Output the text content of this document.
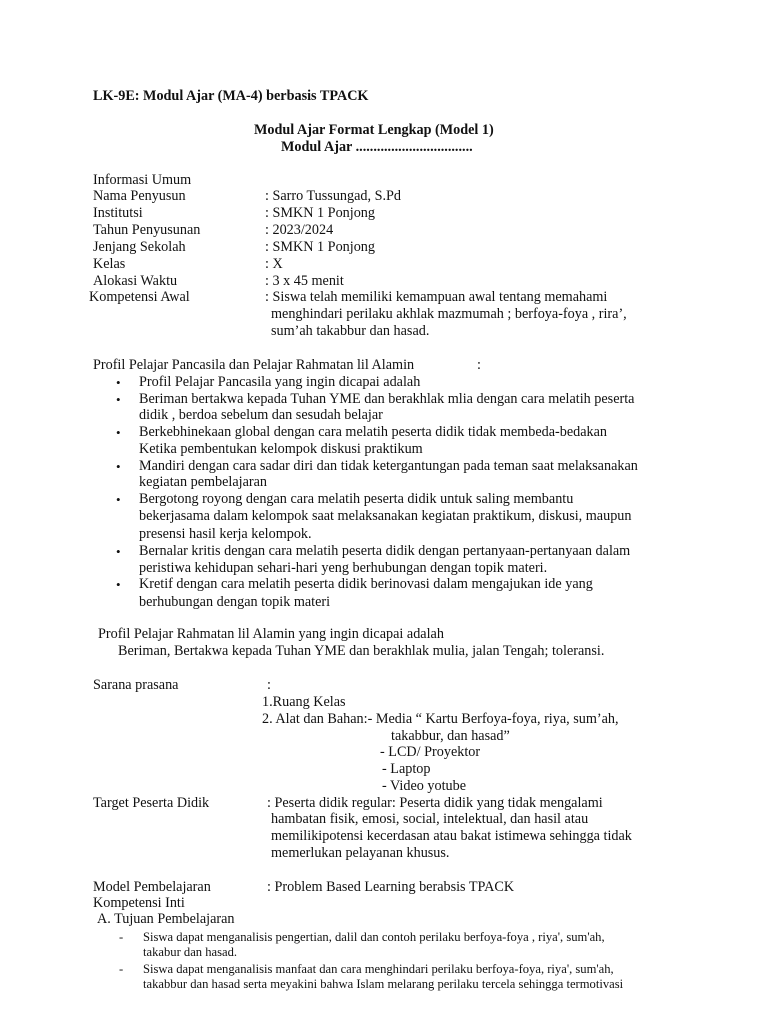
LK-9E: Modul Ajar (MA-4) berbasis TPACK
Modul Ajar Format Lengkap (Model 1)
Modul Ajar .................................
Informasi Umum
Nama Penyusun	: Sarro Tussungad, S.Pd
Institutsi	: SMKN 1 Ponjong
Tahun Penyusunan	: 2023/2024
Jenjang Sekolah	: SMKN 1 Ponjong
Kelas	: X
Alokasi Waktu	: 3 x 45 menit
Kompetensi Awal	: Siswa telah memiliki kemampuan awal tentang memahami
menghindari perilaku akhlak mazmumah ; berfoya-foya , rira’,
sum’ah takabbur dan hasad.
Profil Pelajar Pancasila dan Pelajar Rahmatan lil Alamin	:
• Profil Pelajar Pancasila yang ingin dicapai adalah
• Beriman bertakwa kepada Tuhan YME dan berakhlak mlia dengan cara melatih peserta
didik , berdoa sebelum dan sesudah belajar
• Berkebhinekaan global dengan cara melatih peserta didik tidak membeda-bedakan
Ketika pembentukan kelompok diskusi praktikum
• Mandiri dengan cara sadar diri dan tidak ketergantungan pada teman saat melaksanakan
kegiatan pembelajaran
• Bergotong royong dengan cara melatih peserta didik untuk saling membantu
bekerjasama dalam kelompok saat melaksanakan kegiatan praktikum, diskusi, maupun
presensi hasil kerja kelompok.
• Bernalar kritis dengan cara melatih peserta didik dengan pertanyaan-pertanyaan dalam
peristiwa kehidupan sehari-hari yeng berhubungan dengan topik materi.
• Kretif dengan cara melatih peserta didik berinovasi dalam mengajukan ide yang
berhubungan dengan topik materi
Profil Pelajar Rahmatan lil Alamin yang ingin dicapai adalah
Beriman, Bertakwa kepada Tuhan YME dan berakhlak mulia, jalan Tengah; toleransi.
Sarana prasana	:
1.Ruang Kelas
2. Alat dan Bahan:- Media “ Kartu Berfoya-foya, riya, sum’ah,
takabbur, dan hasad”
- LCD/ Proyektor
- Laptop
- Video yotube
Target Peserta Didik	: Peserta didik regular: Peserta didik yang tidak mengalami
hambatan fisik, emosi, social, intelektual, dan hasil atau
memilikipotensi kecerdasan atau bakat istimewa sehingga tidak
memerlukan pelayanan khusus.
Model Pembelajaran	: Problem Based Learning berabsis TPACK
Kompetensi Inti
A. Tujuan Pembelajaran
- Siswa dapat menganalisis pengertian, dalil dan contoh perilaku berfoya-foya , riya', sum'ah,
takabur dan hasad.
- Siswa dapat menganalisis manfaat dan cara menghindari perilaku berfoya-foya, riya', sum'ah,
takabbur dan hasad serta meyakini bahwa Islam melarang perilaku tercela sehingga termotivasi
